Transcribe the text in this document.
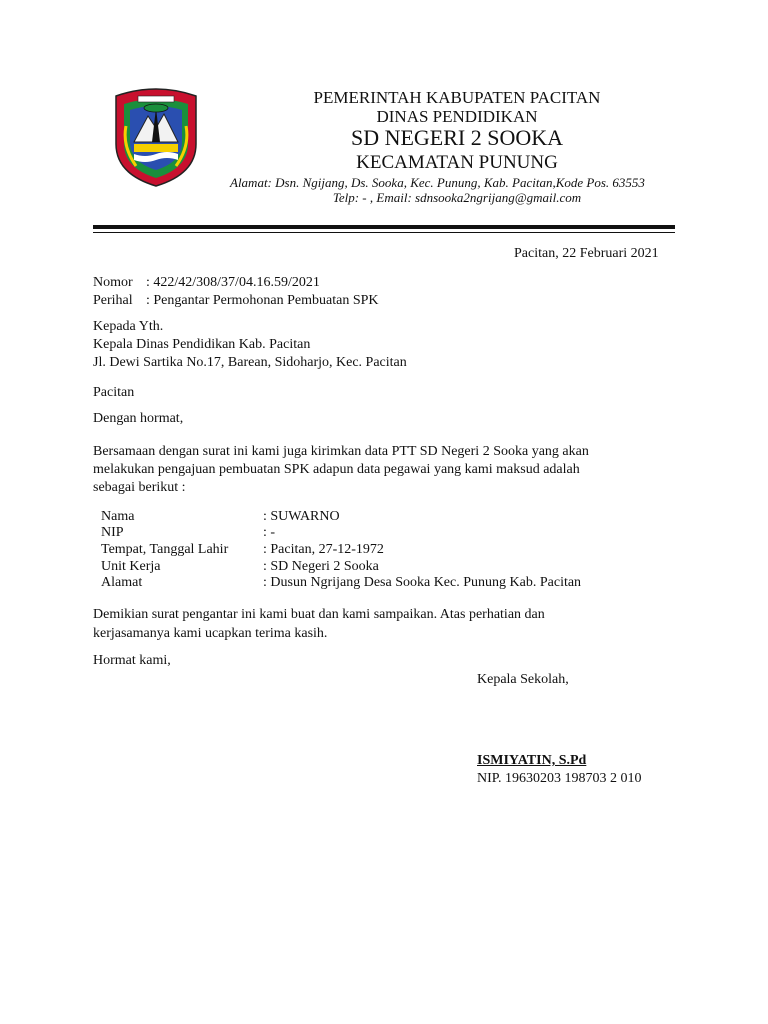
PEMERINTAH KABUPATEN PACITAN
DINAS PENDIDIKAN
SD NEGERI 2 SOOKA
KECAMATAN PUNUNG
Alamat: Dsn. Ngijang, Ds. Sooka, Kec. Punung, Kab. Pacitan,Kode Pos. 63553
Telp: - , Email: sdnsooka2ngrijang@gmail.com
Pacitan, 22 Februari 2021
Nomor : 422/42/308/37/04.16.59/2021
Perihal : Pengantar Permohonan Pembuatan SPK
Kepada Yth.
Kepala Dinas Pendidikan Kab. Pacitan
Jl. Dewi Sartika No.17, Barean, Sidoharjo, Kec. Pacitan
Pacitan
Dengan hormat,
Bersamaan dengan surat ini kami juga kirimkan data PTT SD Negeri 2 Sooka yang akan
melakukan pengajuan pembuatan SPK adapun data pegawai yang kami maksud adalah
sebagai berikut :
Nama	: SUWARNO
NIP	: -
Tempat, Tanggal Lahir : Pacitan, 27-12-1972
Unit Kerja	: SD Negeri 2 Sooka
Alamat	: Dusun Ngrijang Desa Sooka Kec. Punung Kab. Pacitan
Demikian surat pengantar ini kami buat dan kami sampaikan. Atas perhatian dan
kerjasamanya kami ucapkan terima kasih.
Hormat kami,
Kepala Sekolah,
ISMIYATIN, S.Pd
NIP. 19630203 198703 2 010
